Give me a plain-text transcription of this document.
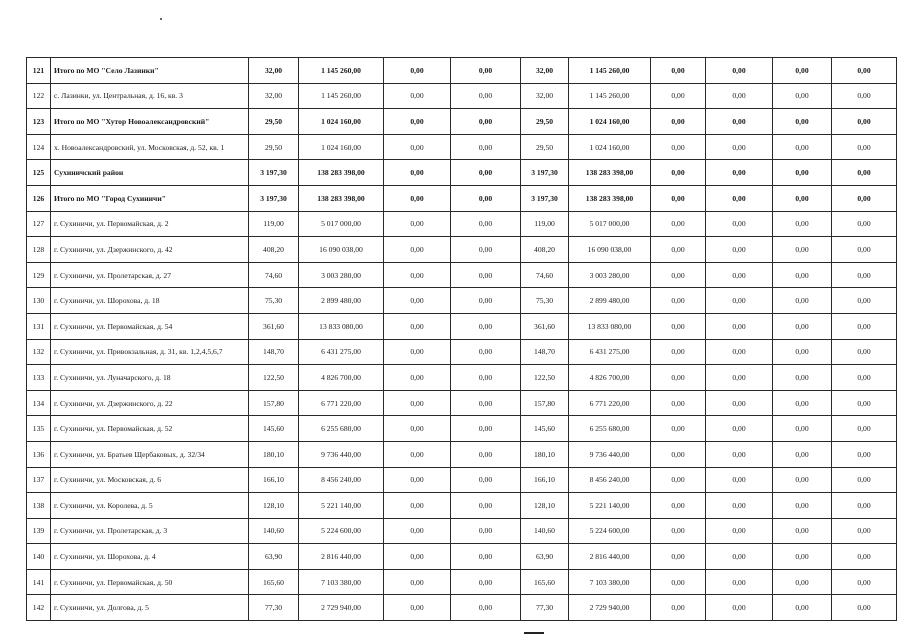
121	Итого по МО "Село Лазинки"	32,00	1 145 260,00	0,00	0,00	32,00	1 145 260,00	0,00	0,00	0,00	0,00
122	с. Лазинки, ул. Центральная, д. 16, кв. 3	32,00	1 145 260,00	0,00	0,00	32,00	1 145 260,00	0,00	0,00	0,00	0,00
123	Итого по МО "Хутор Новоалександровский"	29,50	1 024 160,00	0,00	0,00	29,50	1 024 160,00	0,00	0,00	0,00	0,00
124	х. Новоалександровский, ул. Московская, д. 52, кв. 1	29,50	1 024 160,00	0,00	0,00	29,50	1 024 160,00	0,00	0,00	0,00	0,00
125	Сухиничский район	3 197,30	138 283 398,00	0,00	0,00	3 197,30	138 283 398,00	0,00	0,00	0,00	0,00
126	Итого по МО "Город Сухиничи"	3 197,30	138 283 398,00	0,00	0,00	3 197,30	138 283 398,00	0,00	0,00	0,00	0,00
127	г. Сухиничи, ул. Первомайская, д. 2	119,00	5 017 000,00	0,00	0,00	119,00	5 017 000,00	0,00	0,00	0,00	0,00
128	г. Сухиничи, ул. Дзержинского, д. 42	408,20	16 090 038,00	0,00	0,00	408,20	16 090 038,00	0,00	0,00	0,00	0,00
129	г. Сухиничи, ул. Пролетарская, д. 27	74,60	3 003 280,00	0,00	0,00	74,60	3 003 280,00	0,00	0,00	0,00	0,00
130	г. Сухиничи, ул. Шорохова, д. 18	75,30	2 899 480,00	0,00	0,00	75,30	2 899 480,00	0,00	0,00	0,00	0,00
131	г. Сухиничи, ул. Первомайская, д. 54	361,60	13 833 080,00	0,00	0,00	361,60	13 833 080,00	0,00	0,00	0,00	0,00
132	г. Сухиничи, ул. Привокзальная, д. 31, кв. 1,2,4,5,6,7	148,70	6 431 275,00	0,00	0,00	148,70	6 431 275,00	0,00	0,00	0,00	0,00
133	г. Сухиничи, ул. Луначарского, д. 18	122,50	4 826 700,00	0,00	0,00	122,50	4 826 700,00	0,00	0,00	0,00	0,00
134	г. Сухиничи, ул. Дзержинского, д. 22	157,80	6 771 220,00	0,00	0,00	157,80	6 771 220,00	0,00	0,00	0,00	0,00
135	г. Сухиничи, ул. Первомайская, д. 52	145,60	6 255 680,00	0,00	0,00	145,60	6 255 680,00	0,00	0,00	0,00	0,00
136	г. Сухиничи, ул. Братьев Щербаковых, д. 32/34	180,10	9 736 440,00	0,00	0,00	180,10	9 736 440,00	0,00	0,00	0,00	0,00
137	г. Сухиничи, ул. Московская, д. 6	166,10	8 456 240,00	0,00	0,00	166,10	8 456 240,00	0,00	0,00	0,00	0,00
138	г. Сухиничи, ул. Королева, д. 5	128,10	5 221 140,00	0,00	0,00	128,10	5 221 140,00	0,00	0,00	0,00	0,00
139	г. Сухиничи, ул. Пролетарская, д. 3	140,60	5 224 600,00	0,00	0,00	140,60	5 224 600,00	0,00	0,00	0,00	0,00
140	г. Сухиничи, ул. Шорохова, д. 4	63,90	2 816 440,00	0,00	0,00	63,90	2 816 440,00	0,00	0,00	0,00	0,00
141	г. Сухиничи, ул. Первомайская, д. 50	165,60	7 103 380,00	0,00	0,00	165,60	7 103 380,00	0,00	0,00	0,00	0,00
142	г. Сухиничи, ул. Долгова, д. 5	77,30	2 729 940,00	0,00	0,00	77,30	2 729 940,00	0,00	0,00	0,00	0,00
